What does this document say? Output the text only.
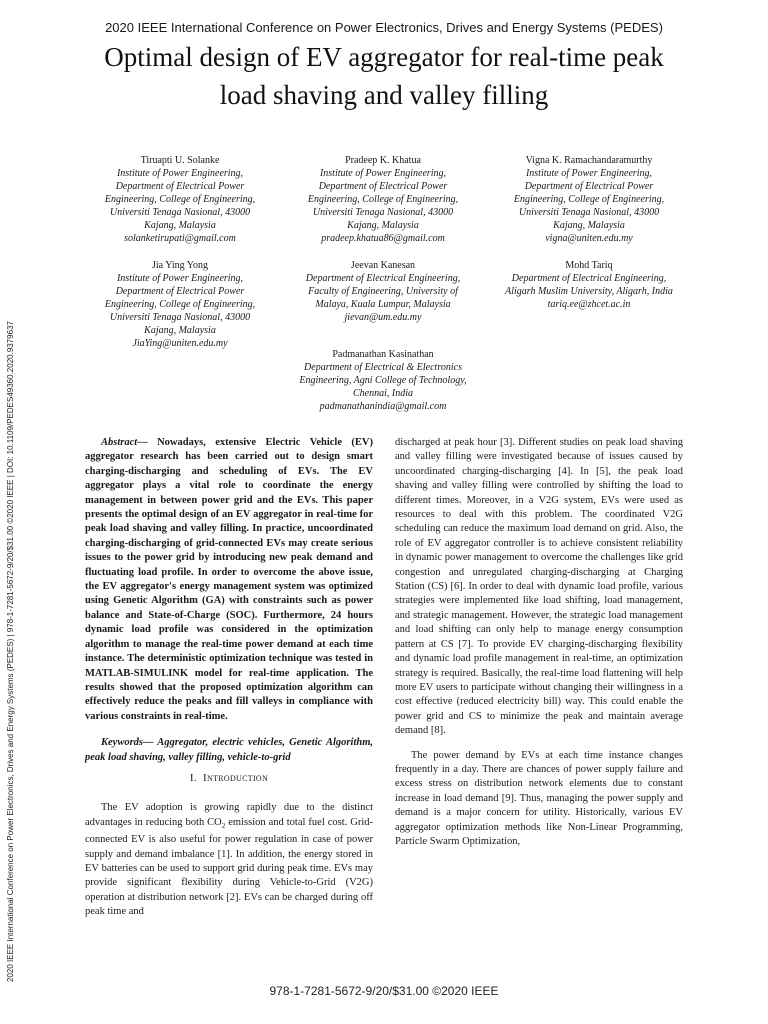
2020 IEEE International Conference on Power Electronics, Drives and Energy Systems (PEDES)
Optimal design of EV aggregator for real-time peak
load shaving and valley filling
2020 IEEE International Conference on Power Electronics, Drives and Energy Systems (PEDES) | 978-1-7281-5672-9/20/$31.00 ©2020 IEEE | DOI: 10.1109/PEDES49360.2020.9379637
Tiruapti U. Solanke
Institute of Power Engineering,
Department of Electrical Power
Engineering, College of Engineering,
Universiti Tenaga Nasional, 43000
Kajang, Malaysia
solanketirupati@gmail.com
Pradeep K. Khatua
Institute of Power Engineering,
Department of Electrical Power
Engineering, College of Engineering,
Universiti Tenaga Nasional, 43000
Kajang, Malaysia
pradeep.khatua86@gmail.com
Vigna K. Ramachandaramurthy
Institute of Power Engineering,
Department of Electrical Power
Engineering, College of Engineering,
Universiti Tenaga Nasional, 43000
Kajang, Malaysia
vigna@uniten.edu.my
Jia Ying Yong
Institute of Power Engineering,
Department of Electrical Power
Engineering, College of Engineering,
Universiti Tenaga Nasional, 43000
Kajang, Malaysia
JiaYing@uniten.edu.my
Jeevan Kanesan
Department of Electrical Engineering,
Faculty of Engineering, University of
Malaya, Kuala Lumpur, Malaysia
jievan@um.edu.my
Mohd Tariq
Department of Electrical Engineering,
Aligarh Muslim University, Aligarh, India
tariq.ee@zhcet.ac.in
Padmanathan Kasinathan
Department of Electrical & Electronics
Engineering, Agni College of Technology,
Chennai, India
padmanathanindia@gmail.com

Abstract— Nowadays, extensive Electric Vehicle (EV) aggregator research has been carried out to design smart charging-discharging and scheduling of EVs. The EV aggregator plays a vital role to coordinate the energy management in between power grid and the EVs. This paper presents the optimal design of an EV aggregator in real-time for peak load shaving and valley filling. In practice, uncoordinated charging-discharging of grid-connected EVs may create serious issues to the power grid by introducing new peak demand and fluctuating load profile. In order to overcome the above issue, the EV aggregator's energy management system was optimized using Genetic Algorithm (GA) with constraints such as power balance and State-of-Charge (SOC). Furthermore, 24 hours dynamic load profile was considered in the optimization algorithm to manage the real-time power demand at each time instance. The deterministic optimization technique was tested in MATLAB-SIMULINK model for real-time application. The results showed that the proposed optimization algorithm can effectively reduce the peaks and fill valleys in compliance with various constraints in real-time.

Keywords— Aggregator, electric vehicles, Genetic Algorithm, peak load shaving, valley filling, vehicle-to-grid

I. Introduction

The EV adoption is growing rapidly due to the distinct advantages in reducing both $CO_2$ emission and total fuel cost. Grid-connected EV is also useful for power regulation in case of power supply and demand imbalance [1]. In addition, the energy stored in EV batteries can be used to support grid during peak time. EVs may provide significant flexibility during Vehicle-to-Grid (V2G) operation at distribution network [2]. EVs can be charged during off peak time and

discharged at peak hour [3]. Different studies on peak load shaving and valley filling were investigated because of issues caused by uncoordinated charging-discharging [4]. In [5], the peak load shaving and valley filling were controlled by shifting the load to different times. Moreover, in a V2G system, EVs were used as resources to deal with this problem. The coordinated V2G scheduling can reduce the maximum load demand on grid. Also, the role of EV aggregator controller is to achieve consistent reliability in dynamic power management to overcome the challenges like grid congestion and unregulated charging-discharging at Charging Station (CS) [6]. In order to deal with dynamic load profile, various strategies were implemented like load shifting, load management, and strategic management. However, the strategic load management and load shifting can only help to manage energy consumption pattern at CS [7]. To provide EV charging-discharging flexibility and dynamic load profile management in real-time, an optimization strategy is required. Basically, the real-time load flattening will help more EV users to participate without changing their willingness in a cost effective (reduced electricity bill) way. This could enable the power grid and CS to minimize the peak and maintain average demand [8].

The power demand by EVs at each time instance changes frequently in a day. There are chances of power supply failure and excess stress on distribution network elements due to constant increase in load demand [9]. Thus, managing the power supply and demand is a major concern for utility. Historically, various EV aggregator optimization methods like Non-Linear Programming, Particle Swarm Optimization,

978-1-7281-5672-9/20/$31.00 ©2020 IEEE
